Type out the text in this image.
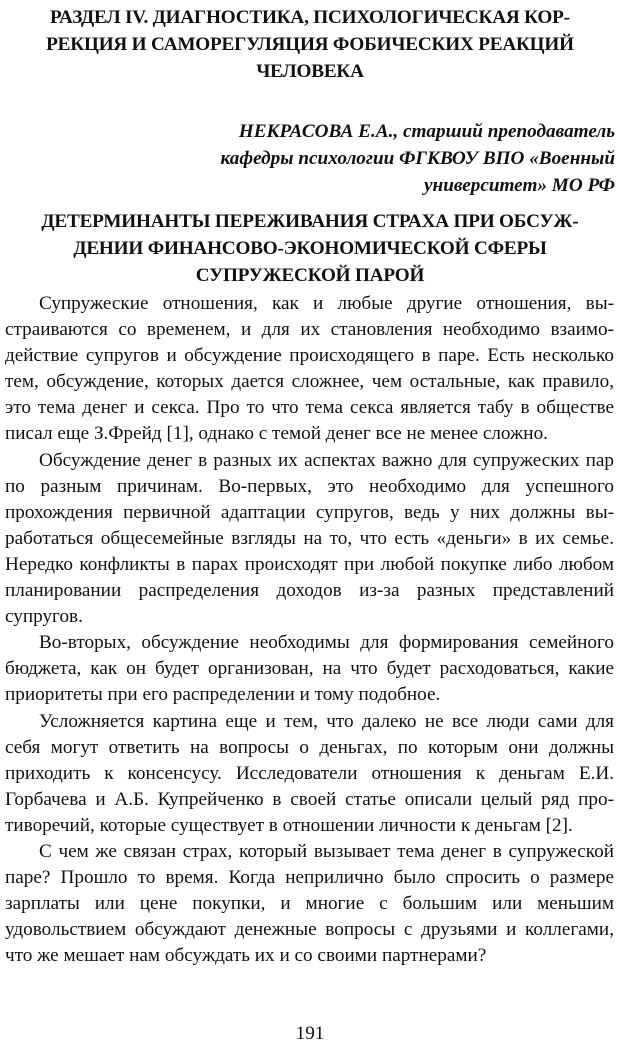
РАЗДЕЛ IV. ДИАГНОСТИКА, ПСИХОЛОГИЧЕСКАЯ КОРРЕКЦИЯ И САМОРЕГУЛЯЦИЯ ФОБИЧЕСКИХ РЕАКЦИЙ ЧЕЛОВЕКА

НЕКРАСОВА Е.А., старший преподаватель кафедры психологии ФГКВОУ ВПО «Военный университет» МО РФ

ДЕТЕРМИНАНТЫ ПЕРЕЖИВАНИЯ СТРАХА ПРИ ОБСУЖДЕНИИ ФИНАНСОВО-ЭКОНОМИЧЕСКОЙ СФЕРЫ СУПРУЖЕСКОЙ ПАРОЙ

Супружеские отношения, как и любые другие отношения, выстраиваются со временем, и для их становления необходимо взаимодействие супругов и обсуждение происходящего в паре. Есть несколько тем, обсуждение, которых дается сложнее, чем остальные, как правило, это тема денег и секса. Про то что тема секса является табу в обществе писал еще З.Фрейд [1], однако с темой денег все не менее сложно.

Обсуждение денег в разных их аспектах важно для супружеских пар по разным причинам. Во-первых, это необходимо для успешного прохождения первичной адаптации супругов, ведь у них должны выработаться общесемейные взгляды на то, что есть «деньги» в их семье. Нередко конфликты в парах происходят при любой покупке либо любом планировании распределения доходов из-за разных представлений супругов.

Во-вторых, обсуждение необходимы для формирования семейного бюджета, как он будет организован, на что будет расходоваться, какие приоритеты при его распределении и тому подобное.

Усложняется картина еще и тем, что далеко не все люди сами для себя могут ответить на вопросы о деньгах, по которым они должны приходить к консенсусу. Исследователи отношения к деньгам Е.И. Горбачева и А.Б. Купрейченко в своей статье описали целый ряд противоречий, которые существует в отношении личности к деньгам [2].

С чем же связан страх, который вызывает тема денег в супружеской паре? Прошло то время. Когда неприлично было спросить о размере зарплаты или цене покупки, и многие с большим или меньшим удовольствием обсуждают денежные вопросы с друзьями и коллегами, что же мешает нам обсуждать их и со своими партнерами?

191
